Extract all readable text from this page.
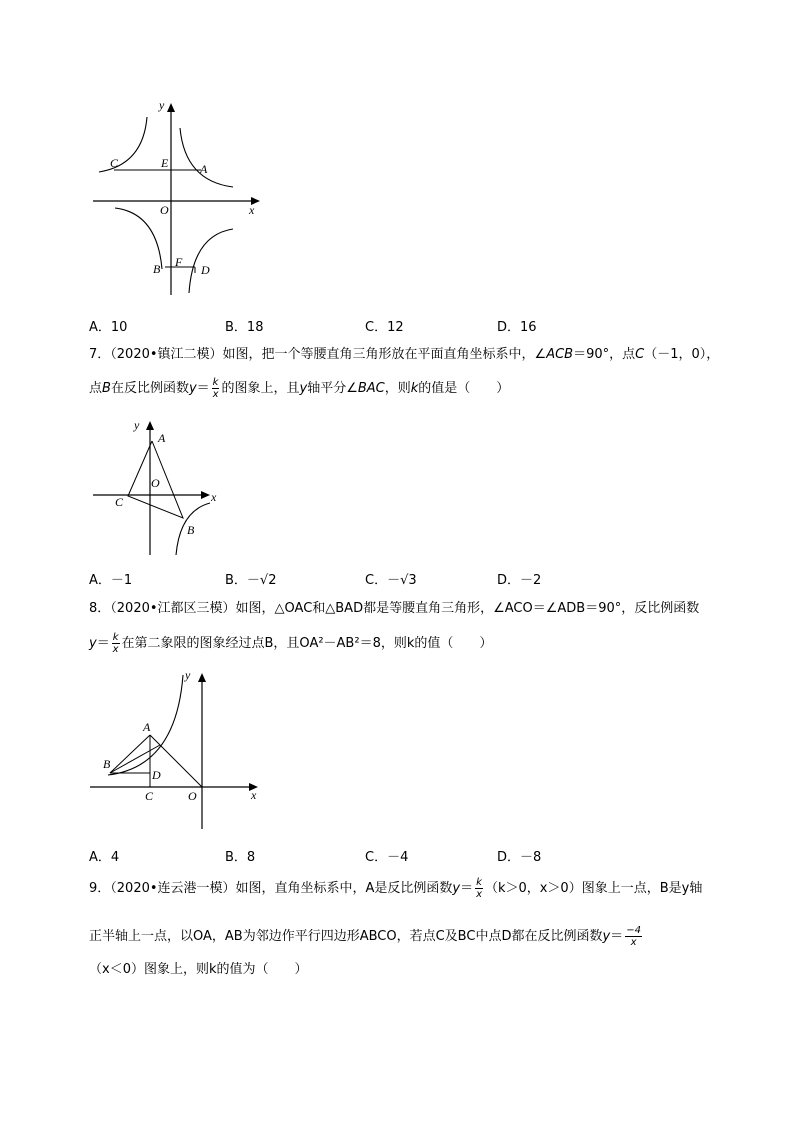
y
C	E	A
O	x
B F
D
A．10	B．18	C．12	D．16
7．（2020•镇江二模）如图，把一个等腰直角三角形放在平面直角坐标系中，∠ACB＝90°，点C（－1，0），
点B在反比例函数$y= \frac{k}{x}$ 的图象上，且y轴平分∠BAC，则k的值是（　　）
y
A
O
C	x
B
A．－1	B．－√2	C．－√3	D．－2
8．（2020•江都区三模）如图，△OAC和△BAD都是等腰直角三角形，∠ACO＝∠ADB＝90°，反比例函数
$y= \frac{k}{x}$ 在第二象限的图象经过点B，且OA²－AB²＝8，则k的值（　　）
y
A
B
D
C	O	x
A．4	B．8	C．－4	D．－8
9．（2020•连云港一模）如图，直角坐标系中，A是反比例函数$y= \frac{k}{x} (k>0$，x＞0）图象上一点，B是y轴
正半轴上一点，以OA，AB为邻边作平行四边形ABCO，若点C及BC中点D都在反比例函数$y= \frac{-4}{x}$
（x＜0）图象上，则k的值为（　　）
